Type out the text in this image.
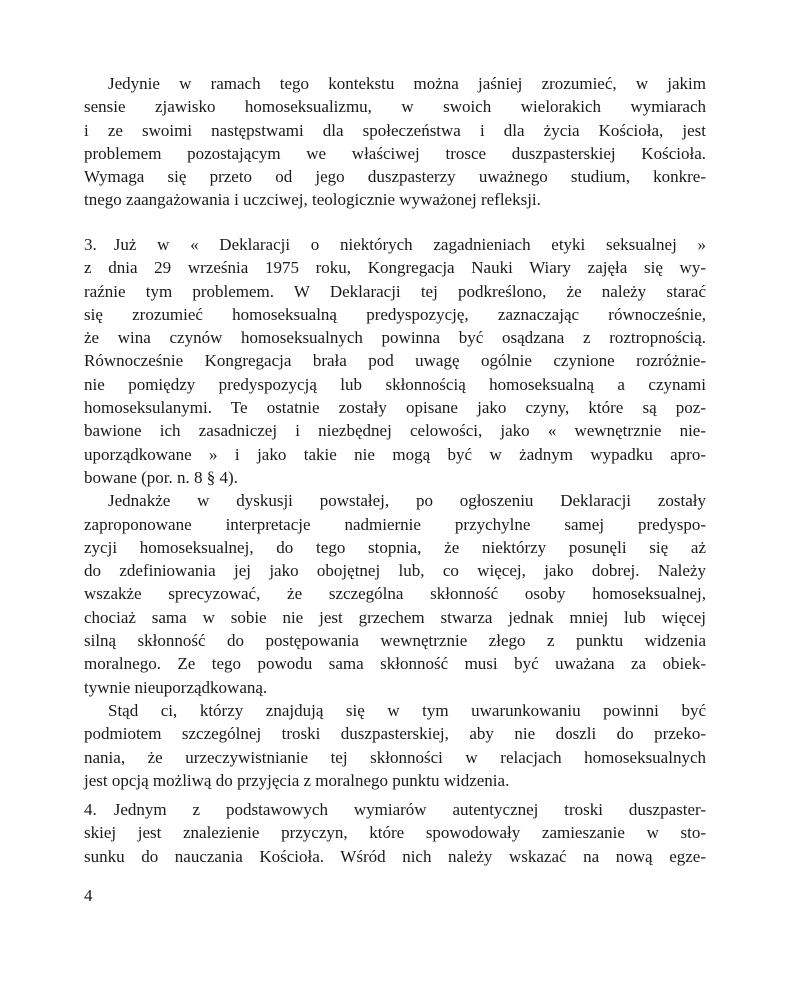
Jedynie w ramach tego kontekstu można jaśniej zrozumieć, w jakim
sensie zjawisko homoseksualizmu, w swoich wielorakich wymiarach
i ze swoimi następstwami dla społeczeństwa i dla życia Kościoła, jest
problemem pozostającym we właściwej trosce duszpasterskiej Kościoła.
Wymaga się przeto od jego duszpasterzy uważnego studium, konkre-
tnego zaangażowania i uczciwej, teologicznie wyważonej refleksji.
3. Już w « Deklaracji o niektórych zagadnieniach etyki seksualnej »
z dnia 29 września 1975 roku, Kongregacja Nauki Wiary zajęła się wy-
raźnie tym problemem. W Deklaracji tej podkreślono, że należy starać
się zrozumieć homoseksualną predyspozycję, zaznaczając równocześnie,
że wina czynów homoseksualnych powinna być osądzana z roztropnością.
Równocześnie Kongregacja brała pod uwagę ogólnie czynione rozróżnie-
nie pomiędzy predyspozycją lub skłonnością homoseksualną a czynami
homoseksulanymi. Te ostatnie zostały opisane jako czyny, które są poz-
bawione ich zasadniczej i niezbędnej celowości, jako « wewnętrznie nie-
uporządkowane » i jako takie nie mogą być w żadnym wypadku apro-
bowane (por. n. 8 § 4).
Jednakże w dyskusji powstałej, po ogłoszeniu Deklaracji zostały
zaproponowane interpretacje nadmiernie przychylne samej predyspo-
zycji homoseksualnej, do tego stopnia, że niektórzy posunęli się aż
do zdefiniowania jej jako obojętnej lub, co więcej, jako dobrej. Należy
wszakże sprecyzować, że szczególna skłonność osoby homoseksualnej,
chociaż sama w sobie nie jest grzechem stwarza jednak mniej lub więcej
silną skłonność do postępowania wewnętrznie złego z punktu widzenia
moralnego. Ze tego powodu sama skłonność musi być uważana za obiek-
tywnie nieuporządkowaną.
Stąd ci, którzy znajdują się w tym uwarunkowaniu powinni być
podmiotem szczególnej troski duszpasterskiej, aby nie doszli do przeko-
nania, że urzeczywistnianie tej skłonności w relacjach homoseksualnych
jest opcją możliwą do przyjęcia z moralnego punktu widzenia.
4. Jednym z podstawowych wymiarów autentycznej troski duszpaster-
skiej jest znalezienie przyczyn, które spowodowały zamieszanie w sto-
sunku do nauczania Kościoła. Wśród nich należy wskazać na nową egze-
4
